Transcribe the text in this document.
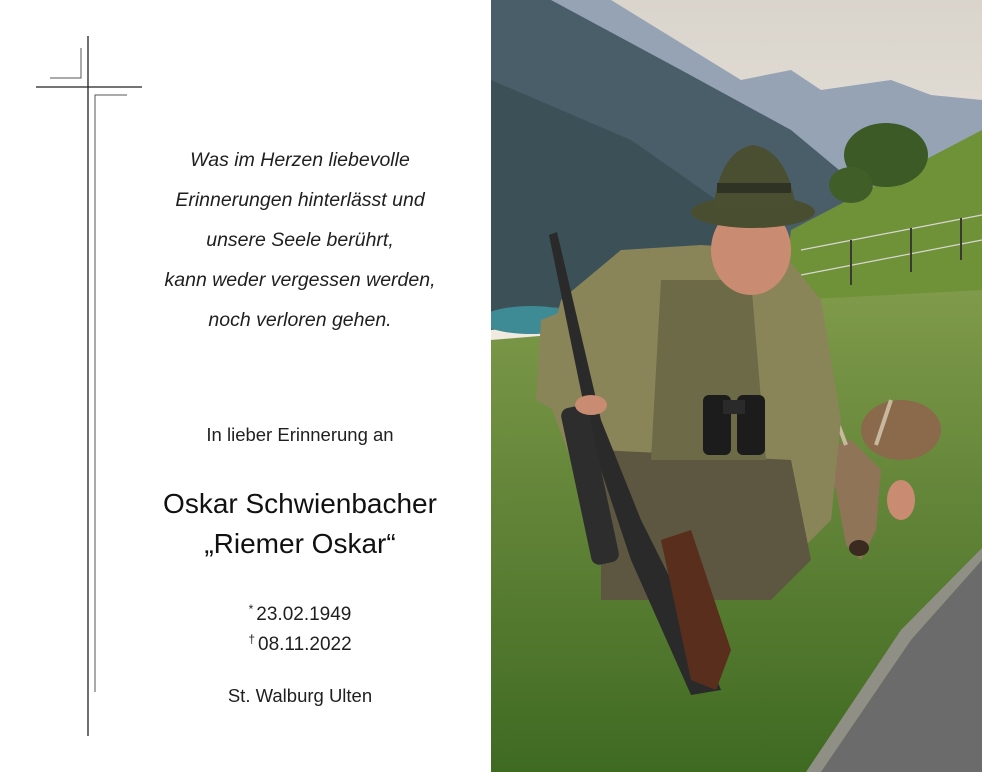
Was im Herzen liebevolle
Erinnerungen hinterlässt und
unsere Seele berührt,
kann weder vergessen werden,
noch verloren gehen.
In lieber Erinnerung an
Oskar Schwienbacher
„Riemer Oskar“
* 23.02.1949
† 08.11.2022
St. Walburg Ulten
